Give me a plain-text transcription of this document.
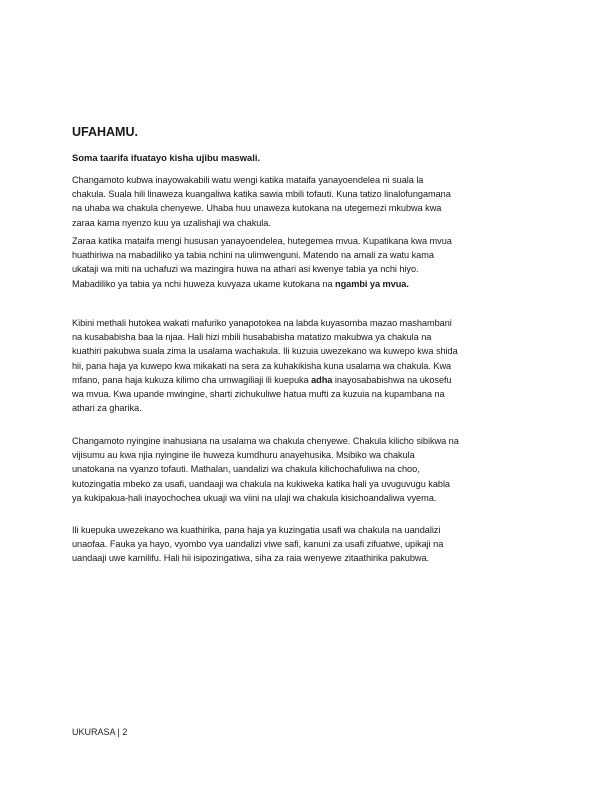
UFAHAMU.
Soma taarifa ifuatayo kisha ujibu maswali.
Changamoto kubwa inayowakabili watu wengi katika mataifa yanayoendelea ni suala la
chakula. Suala hili linaweza kuangaliwa katika sawia mbili tofauti. Kuna tatizo linalofungamana
na uhaba wa chakula chenyewe. Uhaba huu unaweza kutokana na utegemezi mkubwa kwa
zaraa kama nyenzo kuu ya uzalishaji wa chakula.
Zaraa katika mataifa mengi hususan yanayoendelea, hutegemea mvua. Kupatikana kwa mvua
huathiriwa na mabadiliko ya tabia nchini na ulimwenguni. Matendo na amali za watu kama
ukataji wa miti na uchafuzi wa mazingira huwa na athari asi kwenye tabia ya nchi hiyo.
Mabadiliko ya tabia ya nchi huweza kuvyaza ukame kutokana na ngambi ya mvua.
Kibini methali hutokea wakati mafuriko yanapotokea na labda kuyasomba mazao mashambani
na kusababisha baa la njaa. Hali hizi mbili husababisha matatizo makubwa ya chakula na
kuathiri pakubwa suala zima la usalama wachakula. Ili kuzuia uwezekano wa kuwepo kwa shida
hii, pana haja ya kuwepo kwa mikakati na sera za kuhakikisha kuna usalama wa chakula. Kwa
mfano, pana haja kukuza kilimo cha umwagiliaji ili kuepuka adha inayosababishwa na ukosefu
wa mvua. Kwa upande mwingine, sharti zichukuliwe hatua mufti za kuzuia na kupambana na
athari za gharika.
Changamoto nyingine inahusiana na usalama wa chakula chenyewe. Chakula kilicho sibikwa na
vijisumu au kwa njia nyingine ile huweza kumdhuru anayehusika. Msibiko wa chakula
unatokana na vyanzo tofauti. Mathalan, uandalizi wa chakula kilichochafuliwa na choo,
kutozingatia mbeko za usafi, uandaaji wa chakula na kukiweka katika hali ya uvuguvugu kabla
ya kukipakua-hali inayochochea ukuaji wa viini na ulaji wa chakula kisichoandaliwa vyema.
Ili kuepuka uwezekano wa kuathirika, pana haja ya kuzingatia usafi wa chakula na uandalizi
unaofaa. Fauka ya hayo, vyombo vya uandalizi viwe safi, kanuni za usafi zifuatwe, upikaji na
uandaaji uwe kamilifu. Hali hii isipozingatiwa, siha za raia wenyewe zitaathirika pakubwa.
UKURASA | 2
